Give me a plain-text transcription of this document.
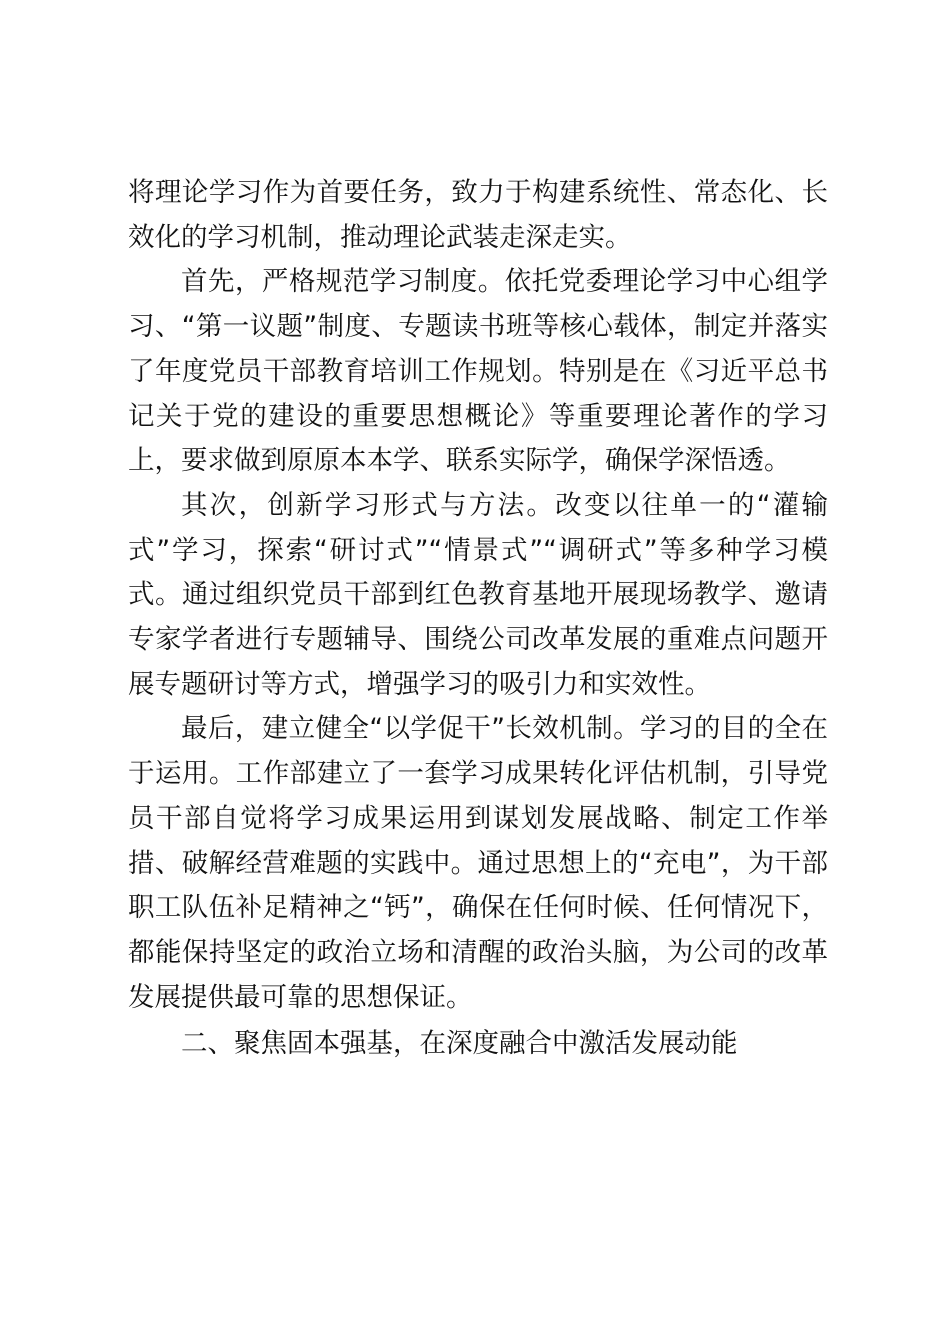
将理论学习作为首要任务，致力于构建系统性、常态化、长效化的学习机制，推动理论武装走深走实。

首先，严格规范学习制度。依托党委理论学习中心组学习、“第一议题”制度、专题读书班等核心载体，制定并落实了年度党员干部教育培训工作规划。特别是在《习近平总书记关于党的建设的重要思想概论》等重要理论著作的学习上，要求做到原原本本学、联系实际学，确保学深悟透。

其次，创新学习形式与方法。改变以往单一的“灌输式”学习，探索“研讨式”“情景式”“调研式”等多种学习模式。通过组织党员干部到红色教育基地开展现场教学、邀请专家学者进行专题辅导、围绕公司改革发展的重难点问题开展专题研讨等方式，增强学习的吸引力和实效性。

最后，建立健全“以学促干”长效机制。学习的目的全在于运用。工作部建立了一套学习成果转化评估机制，引导党员干部自觉将学习成果运用到谋划发展战略、制定工作举措、破解经营难题的实践中。通过思想上的“充电”，为干部职工队伍补足精神之“钙”，确保在任何时候、任何情况下，都能保持坚定的政治立场和清醒的政治头脑，为公司的改革发展提供最可靠的思想保证。

二、聚焦固本强基，在深度融合中激活发展动能
